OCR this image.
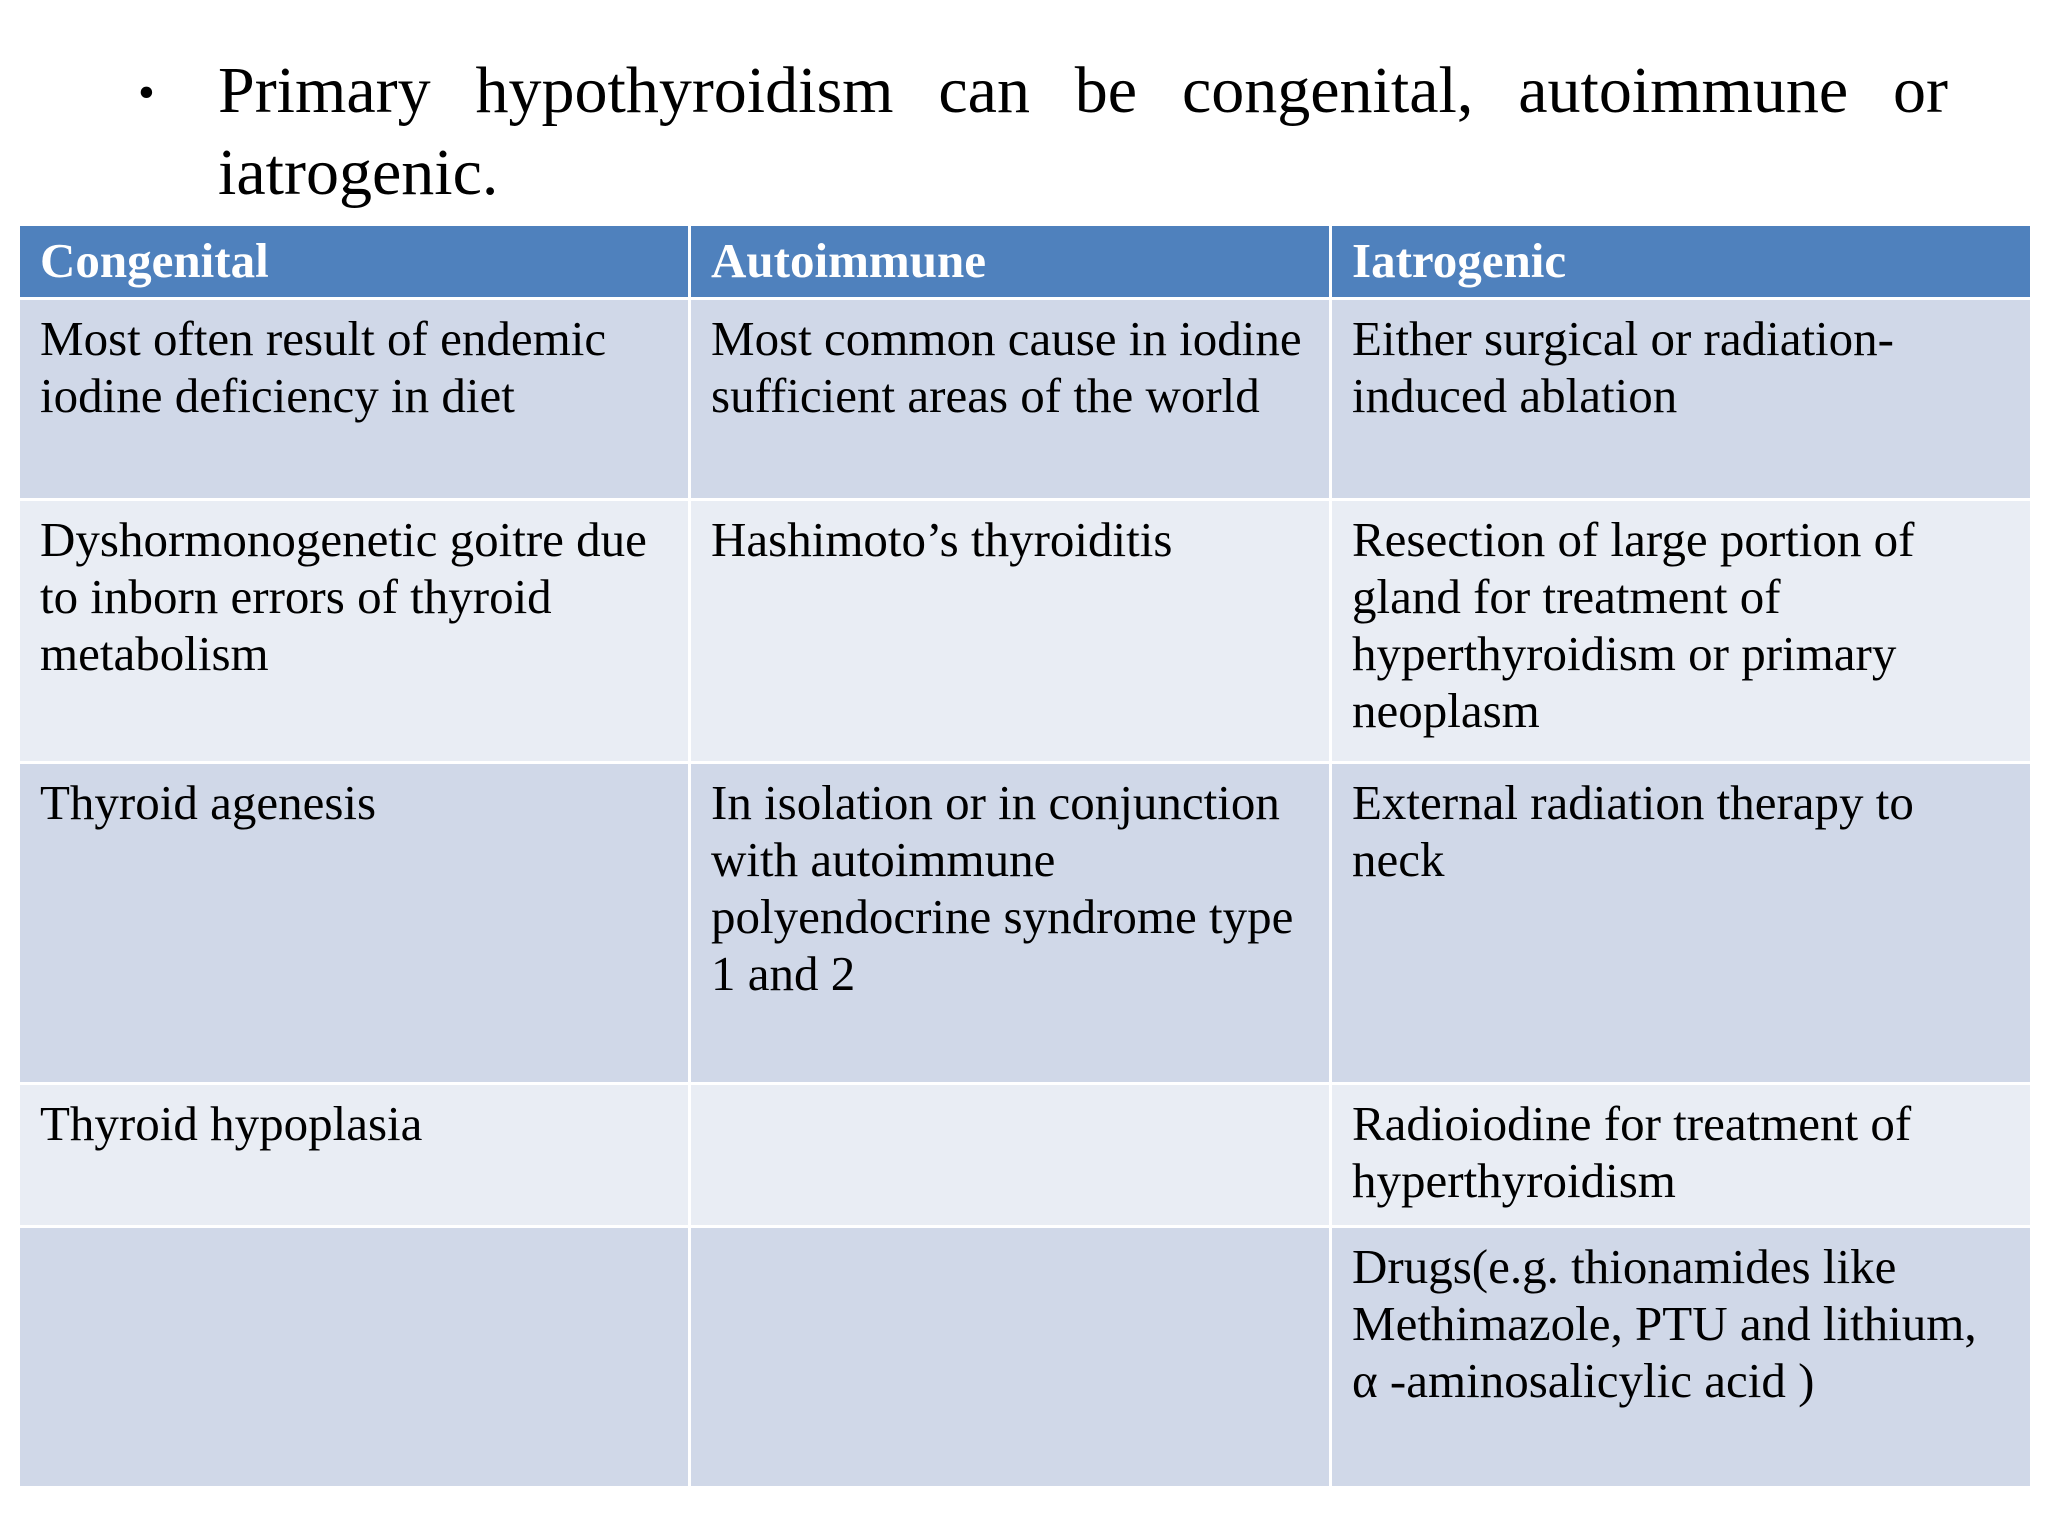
• Primary hypothyroidism can be congenital, autoimmune or iatrogenic.
Congenital	Autoimmune	Iatrogenic
Most often result of endemic iodine deficiency in diet	Most common cause in iodine sufficient areas of the world	Either surgical or radiation-induced ablation
Dyshormonogenetic goitre due to inborn errors of thyroid metabolism	Hashimoto’s thyroiditis	Resection of large portion of gland for treatment of hyperthyroidism or primary neoplasm
Thyroid agenesis	In isolation or in conjunction with autoimmune polyendocrine syndrome type 1 and 2	External radiation therapy to neck
Thyroid hypoplasia		Radioiodine for treatment of hyperthyroidism
		Drugs(e.g. thionamides like Methimazole, PTU and lithium, α -aminosalicylic acid )
